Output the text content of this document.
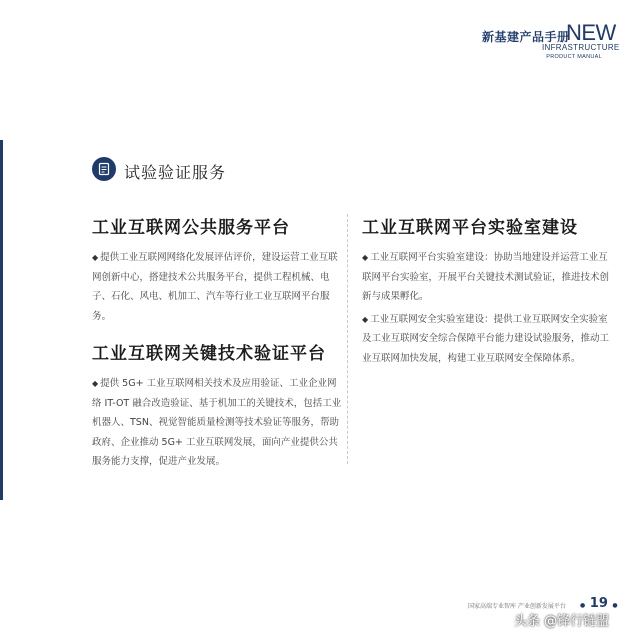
新基建产品手册
NEW
INFRASTRUCTURE
PRODUCT MANUAL
试验验证服务
工业互联网公共服务平台

◆ 提供工业互联网网络化发展评估评价，建设运营工业互联网创新中心，搭建技术公共服务平台，提供工程机械、电子、石化、风电、机加工、汽车等行业工业互联网平台服务。

工业互联网关键技术验证平台

◆ 提供 5G+ 工业互联网相关技术及应用验证、工业企业网络 IT-OT 融合改造验证、基于机加工的关键技术，包括工业机器人、TSN、视觉智能质量检测等技术验证等服务，帮助政府、企业推动 5G+ 工业互联网发展，面向产业提供公共服务能力支撑，促进产业发展。

工业互联网平台实验室建设

◆ 工业互联网平台实验室建设：协助当地建设并运营工业互联网平台实验室，开展平台关键技术测试验证，推进技术创新与成果孵化。

◆ 工业互联网安全实验室建设：提供工业互联网安全实验室及工业互联网安全综合保障平台能力建设试验服务，推动工业互联网加快发展，构建工业互联网安全保障体系。

国家高端专业智库 产业创新发展平台 ● 19 ●
头条 @锋行链盟
